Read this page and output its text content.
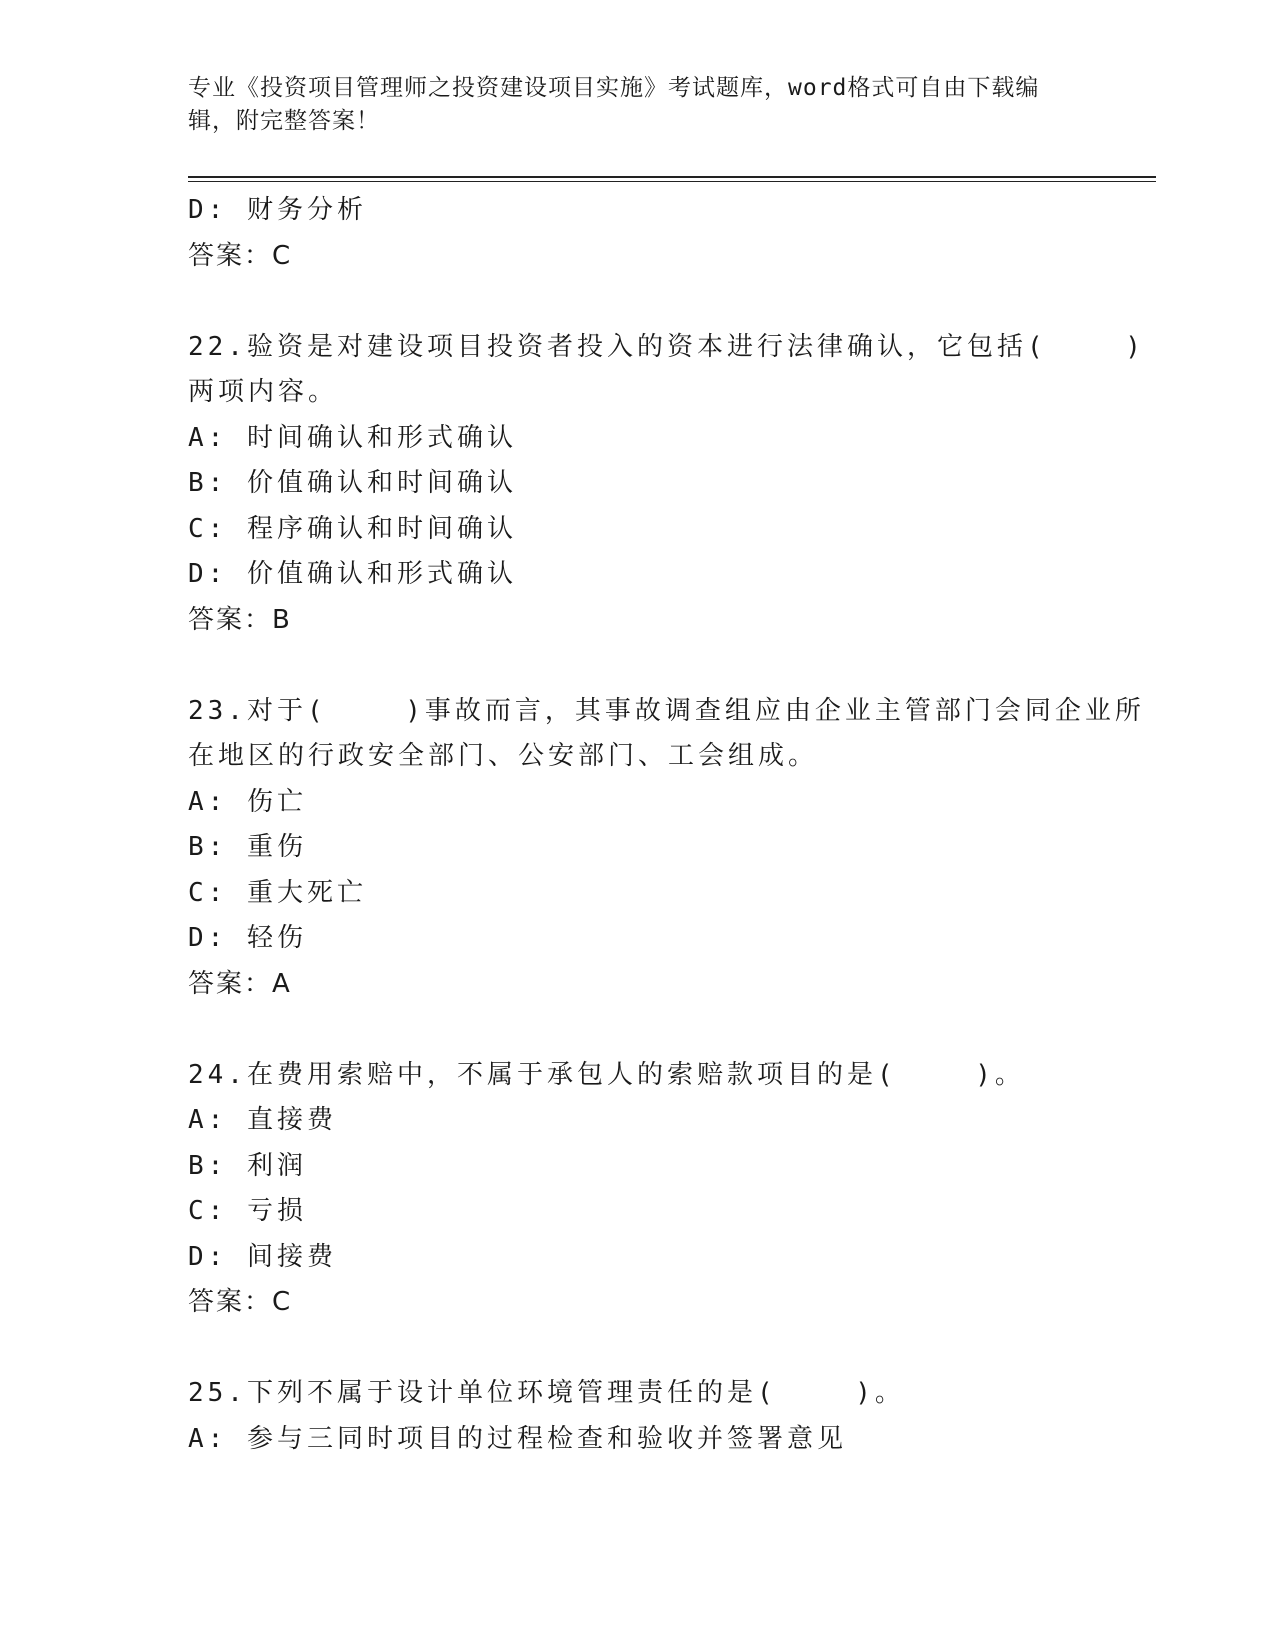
专业《投资项目管理师之投资建设项目实施》考试题库，word格式可自由下载编
辑，附完整答案！
D: 财务分析
答案：C
22.验资是对建设项目投资者投入的资本进行法律确认，它包括(    )
两项内容。
A: 时间确认和形式确认
B: 价值确认和时间确认
C: 程序确认和时间确认
D: 价值确认和形式确认
答案：B
23.对于(    )事故而言，其事故调查组应由企业主管部门会同企业所
在地区的行政安全部门、公安部门、工会组成。
A: 伤亡
B: 重伤
C: 重大死亡
D: 轻伤
答案：A
24.在费用索赔中，不属于承包人的索赔款项目的是(    )。
A: 直接费
B: 利润
C: 亏损
D: 间接费
答案：C
25.下列不属于设计单位环境管理责任的是(    )。
A: 参与三同时项目的过程检查和验收并签署意见
